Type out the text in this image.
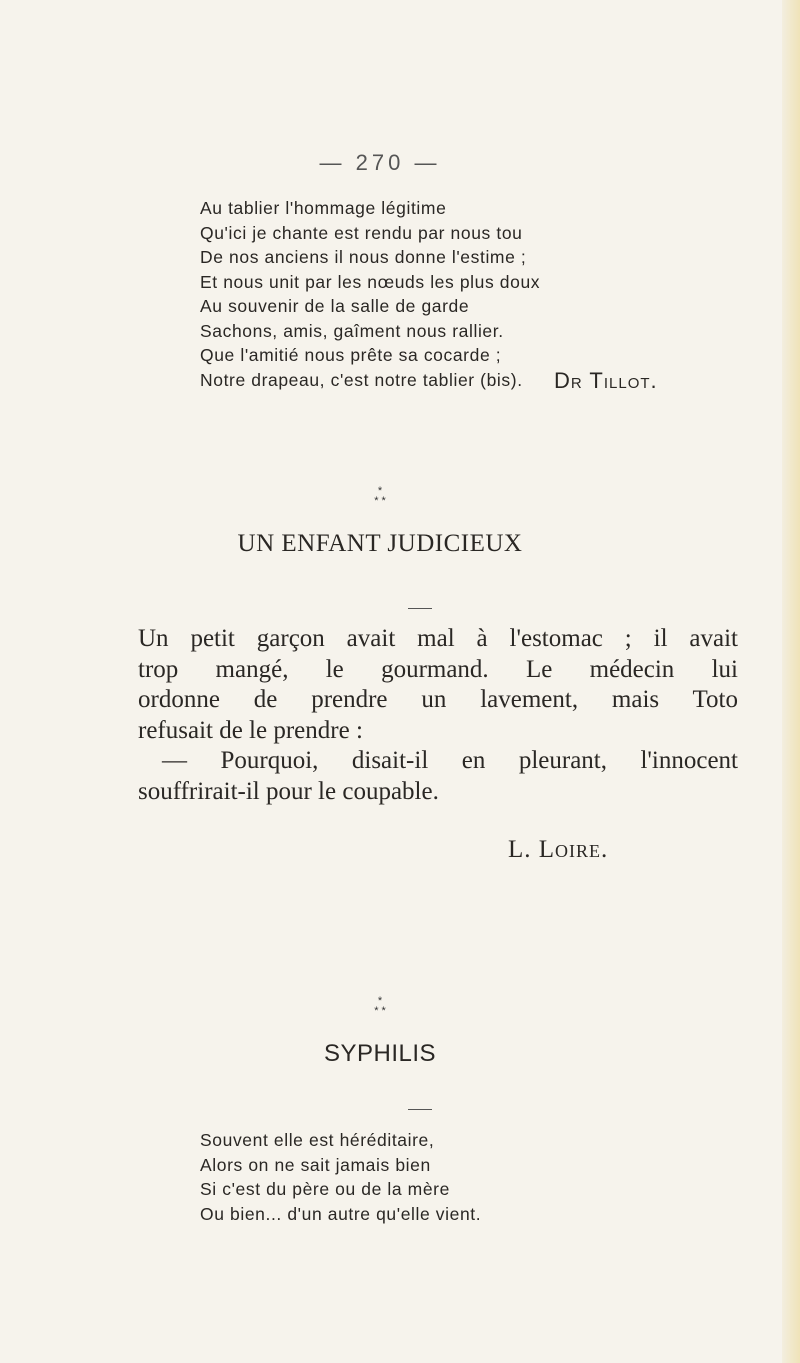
— 270 —
Au tablier l'hommage légitime
Qu'ici je chante est rendu par nous tou
De nos anciens il nous donne l'estime ;
Et nous unit par les nœuds les plus doux
Au souvenir de la salle de garde
Sachons, amis, gaîment nous rallier.
Que l'amitié nous prête sa cocarde ;
Notre drapeau, c'est notre tablier (bis).	Dr Tillot.
*
* *
UN ENFANT JUDICIEUX
Un petit garçon avait mal à l'estomac ; il avait
trop mangé, le gourmand. Le médecin lui
ordonne de prendre un lavement, mais Toto
refusait de le prendre :
— Pourquoi, disait-il en pleurant, l'innocent
souffrirait-il pour le coupable.
L. Loire.
*
* *
SYPHILIS
Souvent elle est héréditaire,
Alors on ne sait jamais bien
Si c'est du père ou de la mère
Ou bien... d'un autre qu'elle vient.
